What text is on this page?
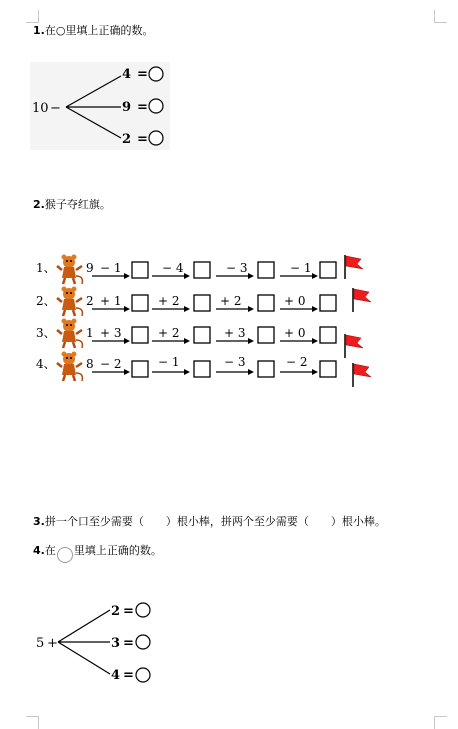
1.在○里填上正确的数。
10 −
4
9
2
=
=
=
2.猴子夺红旗。
1、	9 − 1	− 4	− 3	− 1
2、	2 + 1	+ 2	+ 2	+ 0
3、	1 + 3	+ 2	+ 3	+ 0
4、	8 − 2	− 1	− 3	− 2
3.拼一个口至少需要（　　）根小棒，拼两个至少需要（　　）根小棒。
4.在 里填上正确的数。
5 +
2
3
4
=
=
=
